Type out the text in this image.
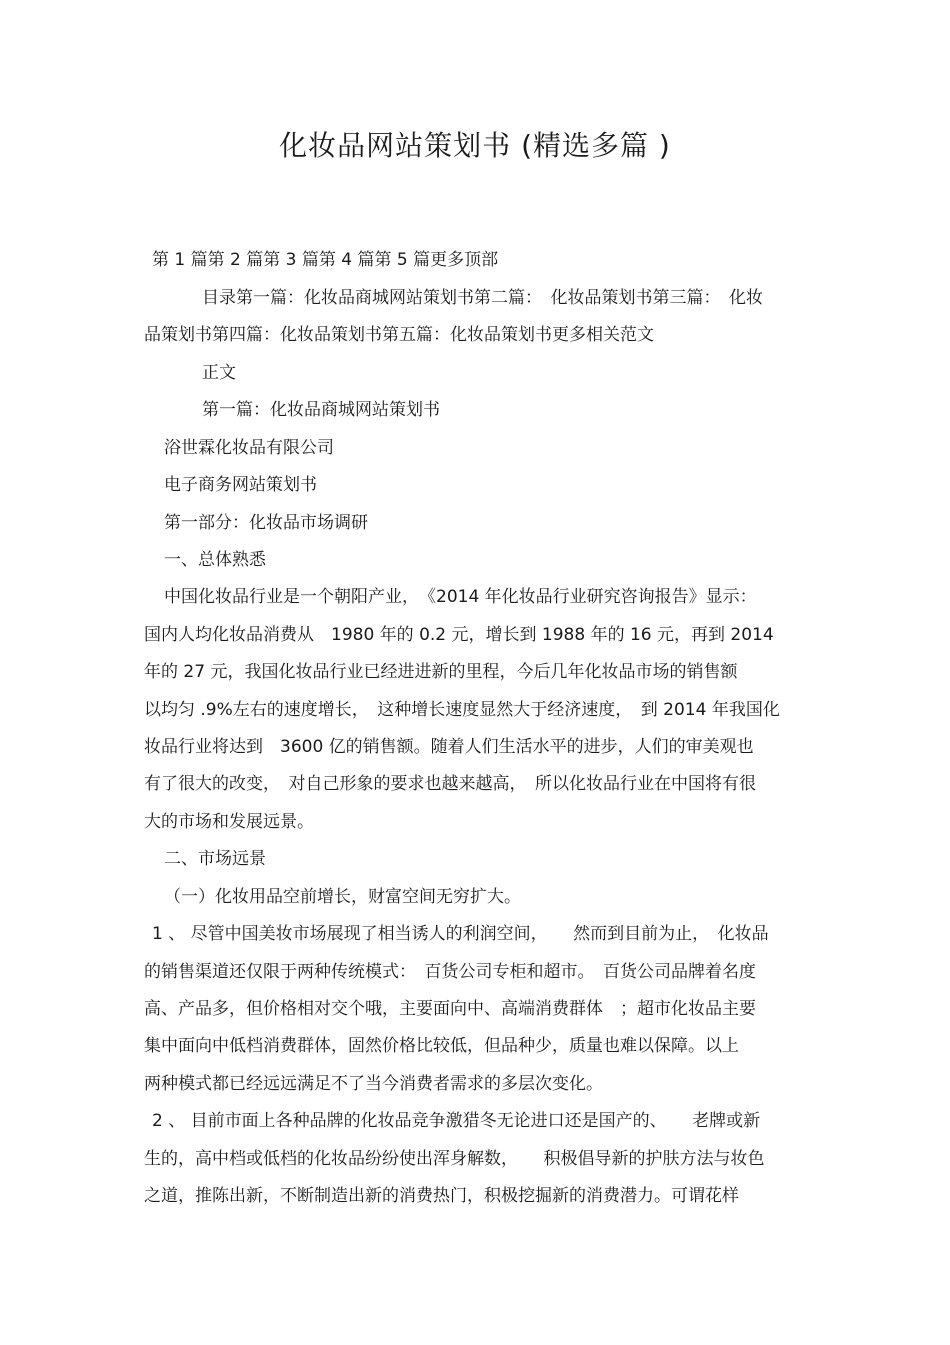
化妆品网站策划书 (精选多篇 )
第 1 篇第 2 篇第 3 篇第 4 篇第 5 篇更多顶部
目录第一篇：化妆品商城网站策划书第二篇：　化妆品策划书第三篇：　化妆
品策划书第四篇：化妆品策划书第五篇：化妆品策划书更多相关范文
正文
第一篇：化妆品商城网站策划书
浴世霖化妆品有限公司
电子商务网站策划书
第一部分：化妆品市场调研
一、总体熟悉
中国化妆品行业是一个朝阳产业，　《2014 年化妆品行业研究咨询报告》显示：
国内人均化妆品消费从　1980 年的 0.2 元，增长到 1988 年的 16 元，再到 2014
年的 27 元，我国化妆品行业已经进进新的里程，今后几年化妆品市场的销售额
以均匀 .9%左右的速度增长，　这种增长速度显然大于经济速度，　到 2014 年我国化
妆品行业将达到　3600 亿的销售额。随着人们生活水平的进步，人们的审美观也
有了很大的改变，　对自己形象的要求也越来越高，　所以化妆品行业在中国将有很
大的市场和发展远景。
二、市场远景
（一）化妆用品空前增长，财富空间无穷扩大。
1 、 尽管中国美妆市场展现了相当诱人的利润空间，　　然而到目前为止，　化妆品
的销售渠道还仅限于两种传统模式：　百货公司专柜和超市。　百货公司品牌着名度
高、产品多，但价格相对交个哦，主要面向中、高端消费群体　；超市化妆品主要
集中面向中低档消费群体，固然价格比较低，但品种少，质量也难以保障。以上
两种模式都已经远远满足不了当今消费者需求的多层次变化。
2 、 目前市面上各种品牌的化妆品竞争激猎冬无论进口还是国产的、　　老牌或新
生的，高中档或低档的化妆品纷纷使出浑身解数，　　积极倡导新的护肤方法与妆色
之道，推陈出新，不断制造出新的消费热门，积极挖掘新的消费潜力。可谓花样
